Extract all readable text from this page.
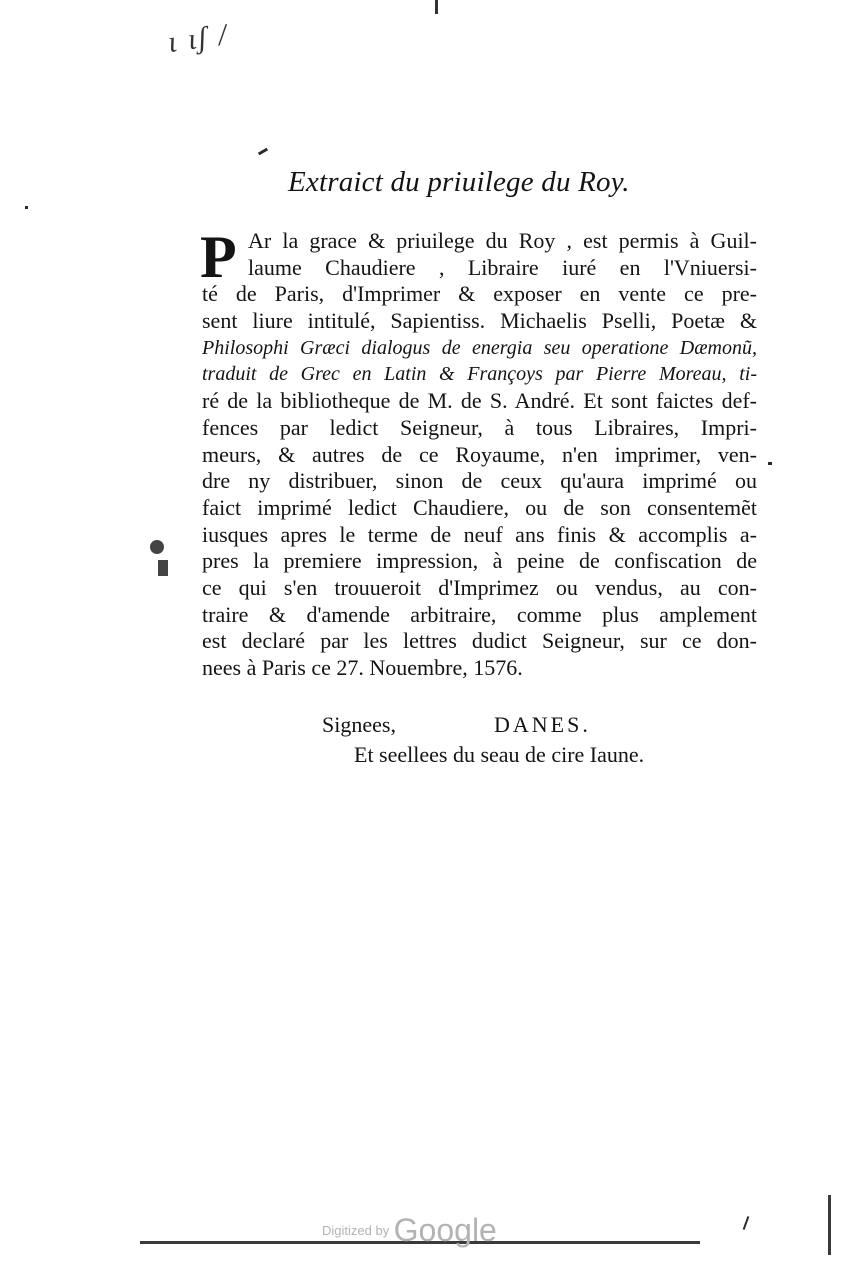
ɩ ɩʃ /
Extraict du priuilege du Roy.
P Ar la grace & priuilege du Roy , est permis à Guil-
laume Chaudiere , Libraire iuré en l'Vniuersi-
té de Paris, d'Imprimer & exposer en vente ce pre-
sent liure intitulé, Sapientiss. Michaelis Pselli, Poetæ &
Philosophi Græci dialogus de energia seu operatione Dæmonũ,
traduit de Grec en Latin & Françoys par Pierre Moreau, ti-
ré de la bibliotheque de M. de S. André. Et sont faictes def-
fences par ledict Seigneur, à tous Libraires, Impri-
meurs, & autres de ce Royaume, n'en imprimer, ven-
dre ny distribuer, sinon de ceux qu'aura imprimé ou
faict imprimé ledict Chaudiere, ou de son consentemẽt
iusques apres le terme de neuf ans finis & accomplis a-
pres la premiere impression, à peine de confiscation de
ce qui s'en trouueroit d'Imprimez ou vendus, au con-
traire & d'amende arbitraire, comme plus amplement
est declaré par les lettres dudict Seigneur, sur ce don-
nees à Paris ce 27. Nouembre, 1576.
Signees,	DANES.
Et seellees du seau de cire Iaune.
Digitized by Google
